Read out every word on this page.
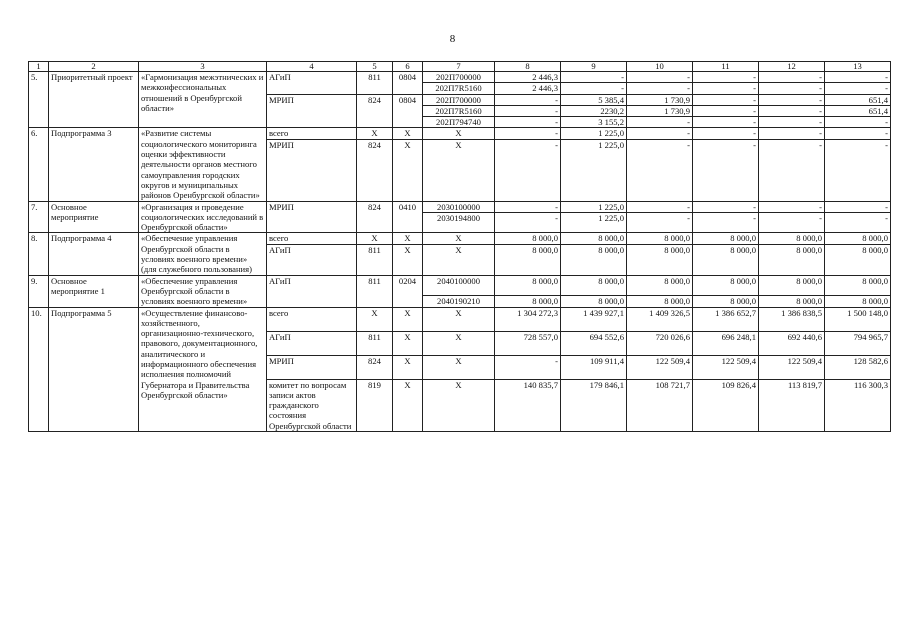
8
1	2	3	4	5	6	7	8	9	10	11	12	13
5.	Приоритетный проект	«Гармонизация межэтнических и межконфессиональных отношений в Оренбургской области»	АГиП	811	0804	202П700000	2 446,3	-	-	-	-	-
						202П7R5160	2 446,3	-	-	-	-	-
			МРИП	824	0804	202П700000	-	5 385,4	1 730,9	-	-	651,4
						202П7R5160	-	2230,2	1 730,9	-	-	651,4
						202П794740	-	3 155,2	-	-	-	-
6.	Подпрограмма 3	«Развитие системы социологического мониторинга оценки эффективности деятельности органов местного самоуправления городских округов и муниципальных районов Оренбургской области»	всего	X	X	X	-	1 225,0	-	-	-	-
			МРИП	824	X	X	-	1 225,0	-	-	-	-
7.	Основное мероприятие	«Организация и проведение социологических исследований в Оренбургской области»	МРИП	824	0410	2030100000	-	1 225,0	-	-	-	-
						2030194800	-	1 225,0	-	-	-	-
8.	Подпрограмма 4	«Обеспечение управления Оренбургской области в условиях военного времени» (для служебного пользования)	всего	X	X	X	8 000,0	8 000,0	8 000,0	8 000,0	8 000,0	8 000,0
			АГиП	811	X	X	8 000,0	8 000,0	8 000,0	8 000,0	8 000,0	8 000,0
9.	Основное мероприятие 1	«Обеспечение управления Оренбургской области в условиях военного времени»	АГиП	811	0204	2040100000	8 000,0	8 000,0	8 000,0	8 000,0	8 000,0	8 000,0
						2040190210	8 000,0	8 000,0	8 000,0	8 000,0	8 000,0	8 000,0
10.	Подпрограмма 5	«Осуществление финансово-хозяйственного, организационно-технического, правового, документационного, аналитического и информационного обеспечения исполнения полномочий Губернатора и Правительства Оренбургской области»	всего	X	X	X	1 304 272,3	1 439 927,1	1 409 326,5	1 386 652,7	1 386 838,5	1 500 148,0
			АГиП	811	X	X	728 557,0	694 552,6	720 026,6	696 248,1	692 440,6	794 965,7
			МРИП	824	X	X	-	109 911,4	122 509,4	122 509,4	122 509,4	128 582,6
			комитет по вопросам записи актов гражданского состояния Оренбургской области	819	X	X	140 835,7	179 846,1	108 721,7	109 826,4	113 819,7	116 300,3
